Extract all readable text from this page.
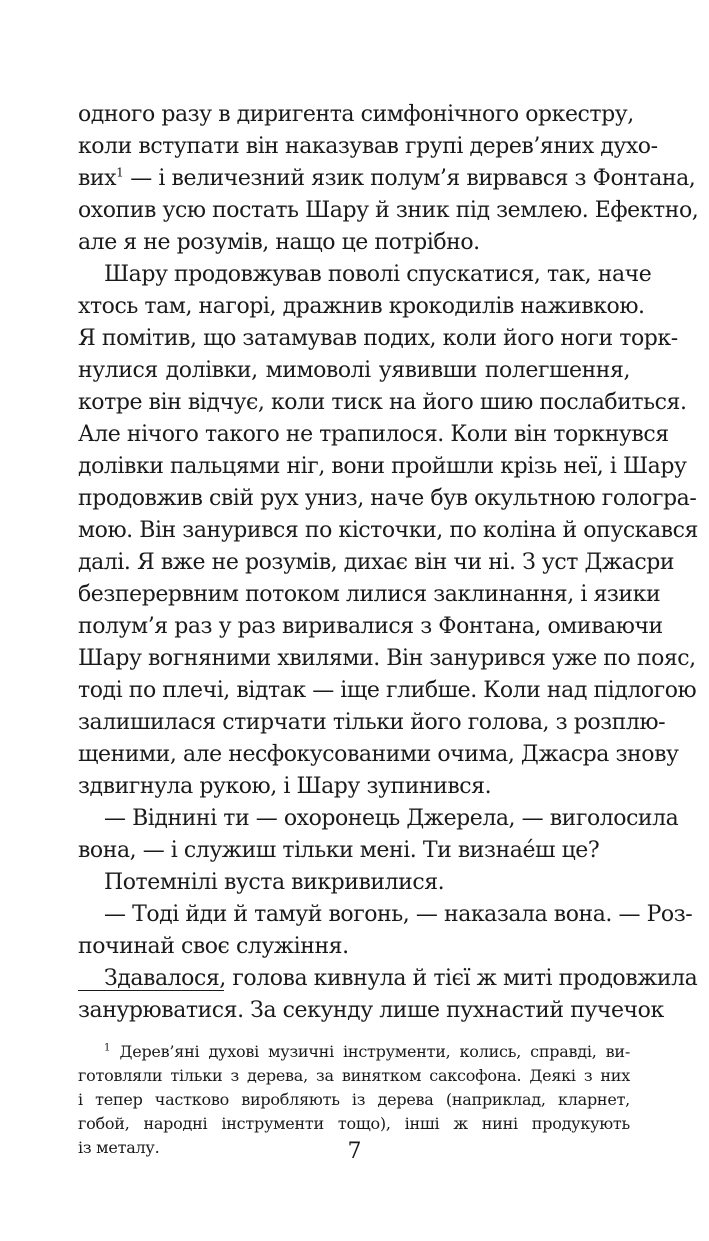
одного разу в диригента симфонічного оркестру,
коли вступати він наказував групі дерев’яних духо-
вих$^1$ — і величезний язик полум’я вирвався з Фонтана,
охопив усю постать Шару й зник під землею. Ефектно,
але я не розумів, нащо це потрібно.
Шару продовжував поволі спускатися, так, наче
хтось там, нагорі, дражнив крокодилів наживкою.
Я помітив, що затамував подих, коли його ноги торк-
нулися долівки, мимоволі уявивши полегшення,
котре він відчує, коли тиск на його шию послабиться.
Але нічого такого не трапилося. Коли він торкнувся
долівки пальцями ніг, вони пройшли крізь неї, і Шару
продовжив свій рух униз, наче був окультною гологра-
мою. Він занурився по кісточки, по коліна й опускався
далі. Я вже не розумів, дихає він чи ні. З уст Джасри
безперервним потоком лилися заклинання, і язики
полум’я раз у раз виривалися з Фонтана, омиваючи
Шару вогняними хвилями. Він занурився уже по пояс,
тоді по плечі, відтак — іще глибше. Коли над підлогою
залишилася стирчати тільки його голова, з розплю-
щеними, але несфокусованими очима, Джасра знову
здвигнула рукою, і Шару зупинився.
— Віднині ти — охоронець Джерела, — виголосила
вона, — і служиш тільки мені. Ти визнае́ш це?
Потемнілі вуста викривилися.
— Тоді йди й тамуй вогонь, — наказала вона. — Роз-
починай своє служіння.
Здавалося, голова кивнула й тієї ж миті продовжила
занурюватися. За секунду лише пухнастий пучечок
$^1$ Дерев’яні духові музичні інструменти, колись, справді, ви-
готовляли тільки з дерева, за винятком саксофона. Деякі з них
і тепер частково виробляють із дерева (наприклад, кларнет,
гобой, народні інструменти тощо), інші ж нині продукують
із металу.	7
